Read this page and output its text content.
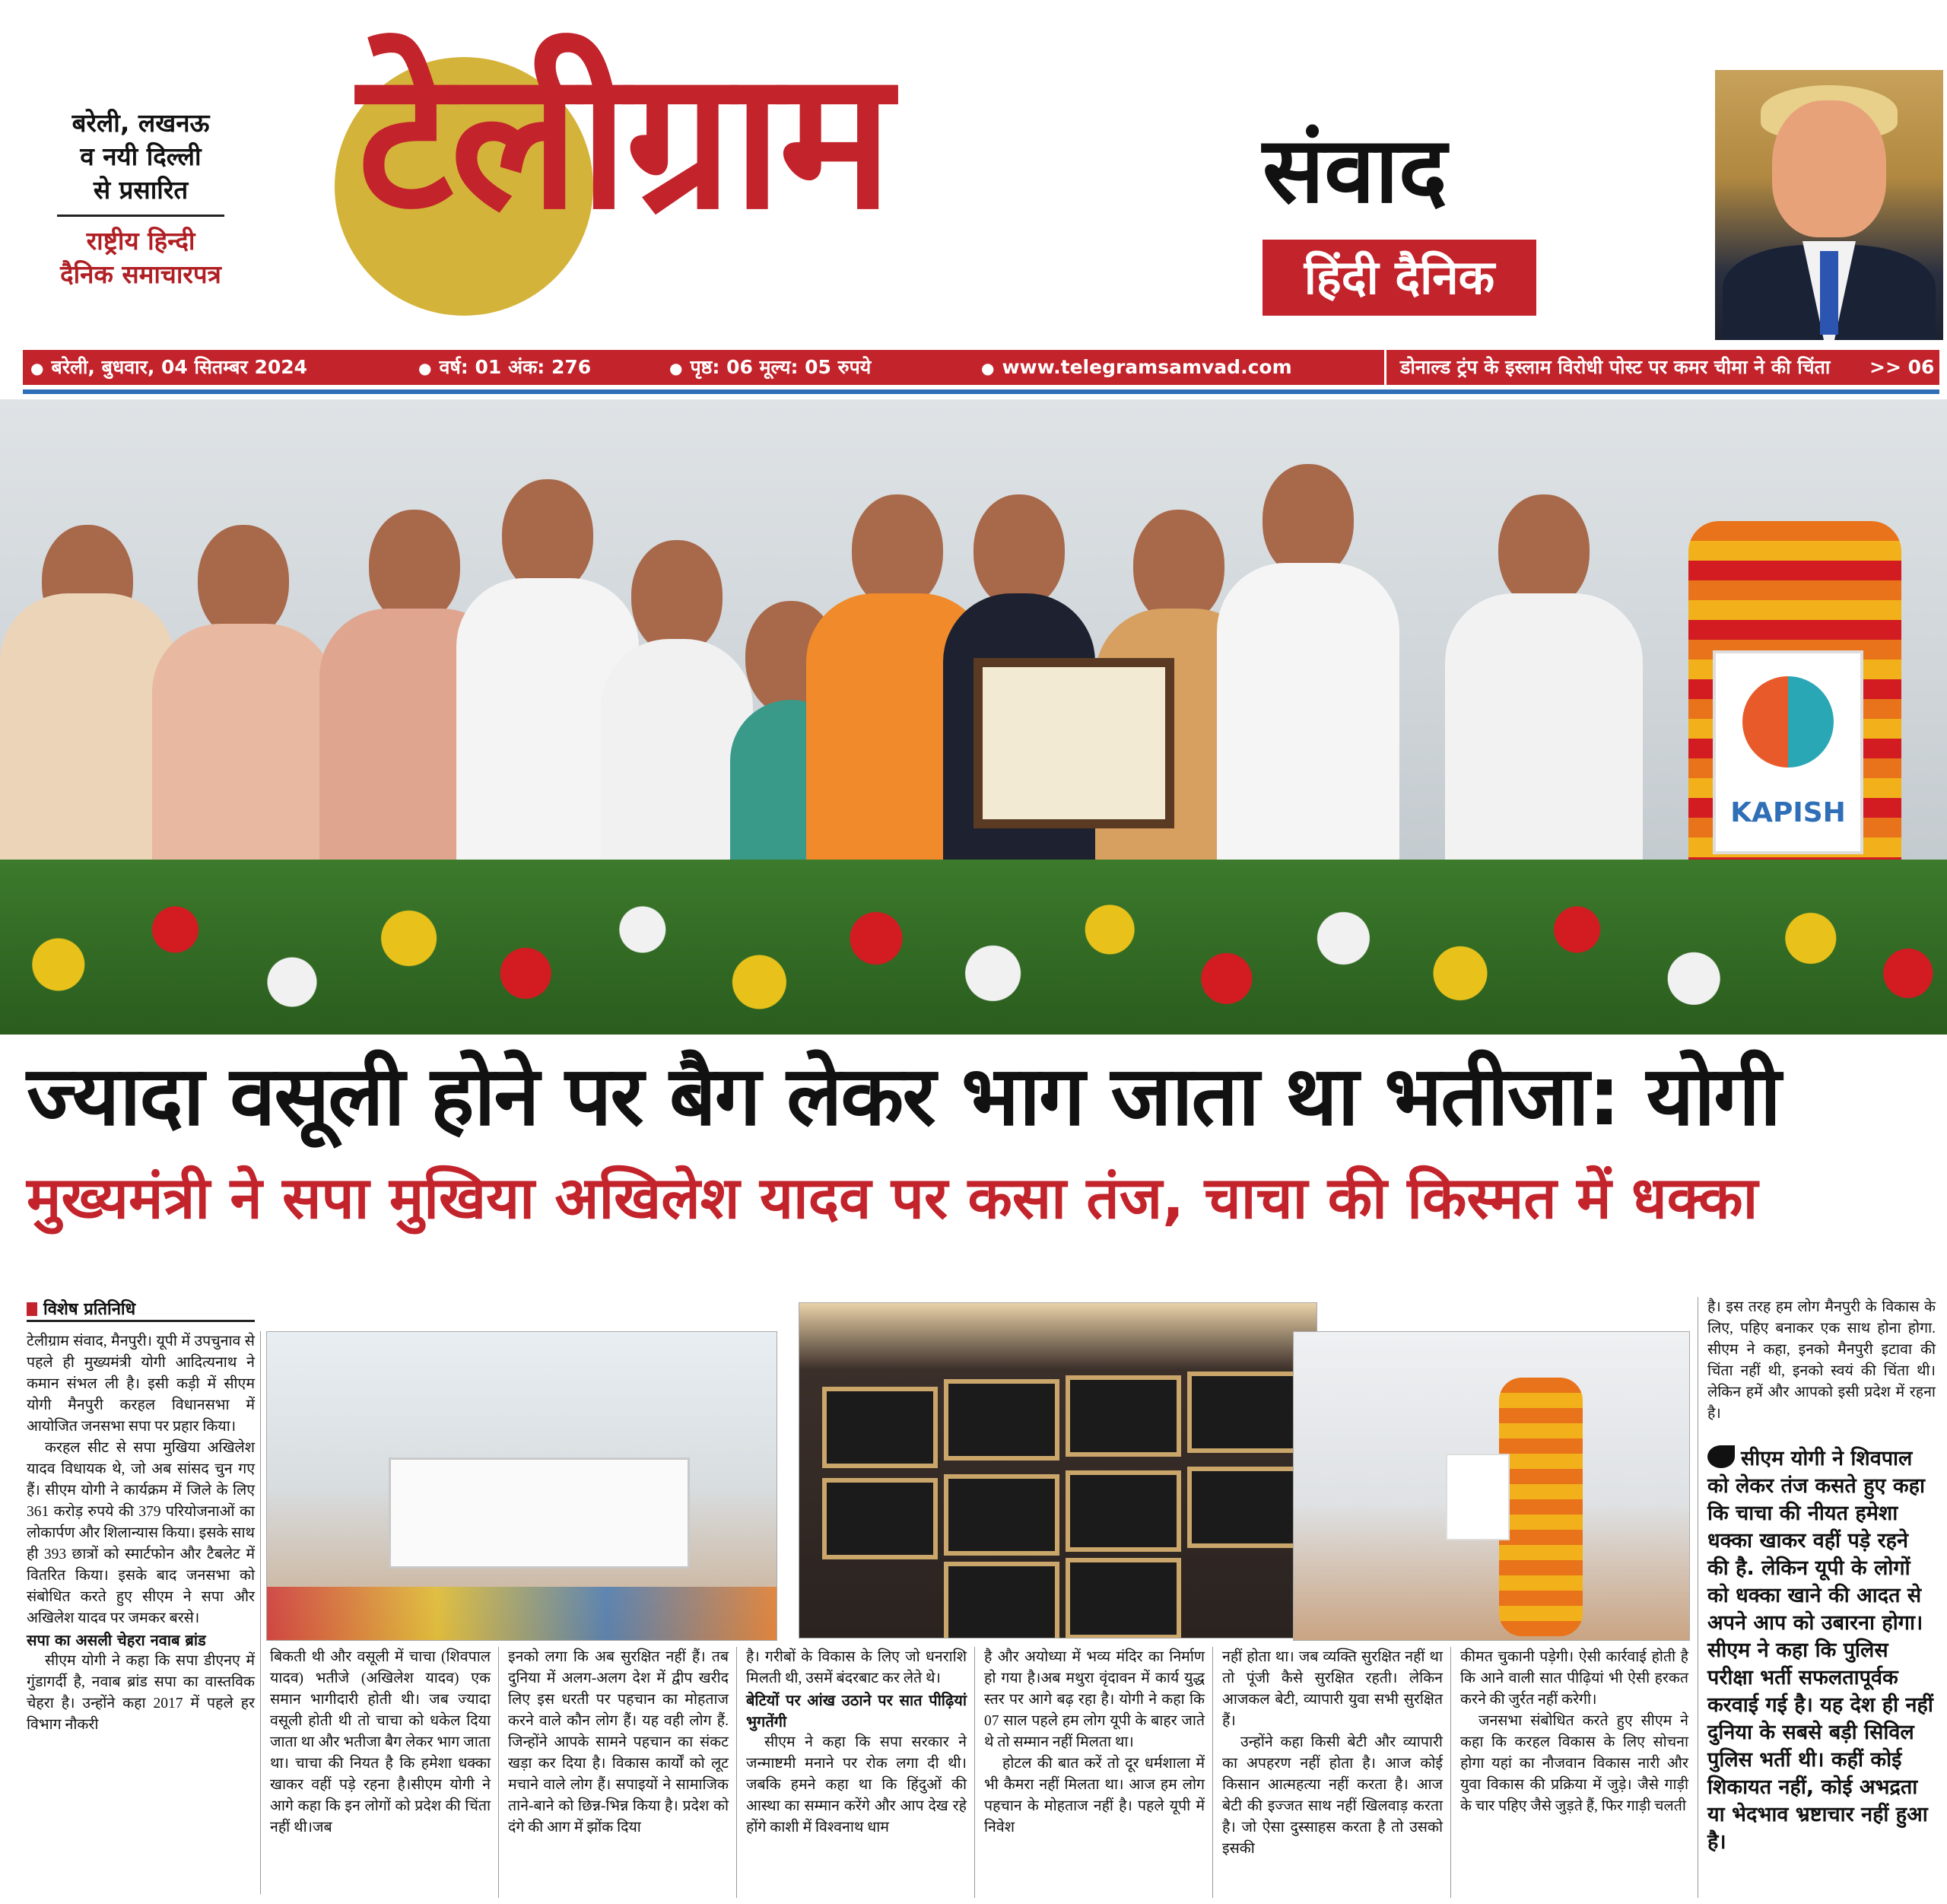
बरेली, लखनऊ
व नयी दिल्ली
से प्रसारित
राष्ट्रीय हिन्दी
दैनिक समाचारपत्र
टेलीग्राम	संवाद
हिंदी दैनिक
● बरेली, बुधवार, 04 सितम्बर 2024	● वर्ष: 01 अंक: 276	● पृष्ठ: 06 मूल्य: 05 रुपये	● www.telegramsamvad.com	डोनाल्ड ट्रंप के इस्लाम विरोधी पोस्ट पर कमर चीमा ने की चिंता >> 06
KAPISH
ज्यादा वसूली होने पर बैग लेकर भाग जाता था भतीजा: योगी
मुख्यमंत्री ने सपा मुखिया अखिलेश यादव पर कसा तंज, चाचा की किस्मत में धक्का
विशेष प्रतिनिधि

टेलीग्राम संवाद, मैनपुरी। यूपी में उपचुनाव से पहले ही मुख्यमंत्री योगी आदित्यनाथ ने कमान संभल ली है। इसी कड़ी में सीएम योगी मैनपुरी करहल विधानसभा में आयोजित जनसभा सपा पर प्रहार किया।

करहल सीट से सपा मुखिया अखिलेश यादव विधायक थे, जो अब सांसद चुन गए हैं। सीएम योगी ने कार्यक्रम में जिले के लिए 361 करोड़ रुपये की 379 परियोजनाओं का लोकार्पण और शिलान्यास किया। इसके साथ ही 393 छात्रों को स्मार्टफोन और टैबलेट में वितरित किया। इसके बाद जनसभा को संबोधित करते हुए सीएम ने सपा और अखिलेश यादव पर जमकर बरसे।

सपा का असली चेहरा नवाब ब्रांड

सीएम योगी ने कहा कि सपा डीएनए में गुंडागर्दी है, नवाब ब्रांड सपा का वास्तविक चेहरा है। उन्होंने कहा 2017 में पहले हर विभाग नौकरी

बिकती थी और वसूली में चाचा (शिवपाल यादव) भतीजे (अखिलेश यादव) एक समान भागीदारी होती थी। जब ज्यादा वसूली होती थी तो चाचा को धकेल दिया जाता था और भतीजा बैग लेकर भाग जाता था। चाचा की नियत है कि हमेशा धक्का खाकर वहीं पड़े रहना है।सीएम योगी ने आगे कहा कि इन लोगों को प्रदेश की चिंता नहीं थी।जब

इनको लगा कि अब सुरक्षित नहीं हैं। तब दुनिया में अलग-अलग देश में द्वीप खरीद लिए इस धरती पर पहचान का मोहताज करने वाले कौन लोग हैं। यह वही लोग हैं. जिन्होंने आपके सामने पहचान का संकट खड़ा कर दिया है। विकास कार्यों को लूट मचाने वाले लोग हैं। सपाइयों ने सामाजिक ताने-बाने को छिन्न-भिन्न किया है। प्रदेश को दंगे की आग में झोंक दिया

है। गरीबों के विकास के लिए जो धनराशि मिलती थी, उसमें बंदरबाट कर लेते थे।

बेटियों पर आंख उठाने पर सात पीढ़ियां भुगतेंगी

सीएम ने कहा कि सपा सरकार ने जन्माष्टमी मनाने पर रोक लगा दी थी। जबकि हमने कहा था कि हिंदुओं की आस्था का सम्मान करेंगे और आप देख रहे होंगे काशी में विश्वनाथ धाम

है और अयोध्या में भव्य मंदिर का निर्माण हो गया है।अब मथुरा वृंदावन में कार्य युद्ध स्तर पर आगे बढ़ रहा है। योगी ने कहा कि 07 साल पहले हम लोग यूपी के बाहर जाते थे तो सम्मान नहीं मिलता था।

होटल की बात करें तो दूर धर्मशाला में भी कैमरा नहीं मिलता था। आज हम लोग पहचान के मोहताज नहीं है। पहले यूपी में निवेश

नहीं होता था। जब व्यक्ति सुरक्षित नहीं था तो पूंजी कैसे सुरक्षित रहती। लेकिन आजकल बेटी, व्यापारी युवा सभी सुरक्षित हैं।

उन्होंने कहा किसी बेटी और व्यापारी का अपहरण नहीं होता है। आज कोई किसान आत्महत्या नहीं करता है। आज बेटी की इज्जत साथ नहीं खिलवाड़ करता है। जो ऐसा दुस्साहस करता है तो उसको इसकी

कीमत चुकानी पड़ेगी। ऐसी कार्रवाई होती है कि आने वाली सात पीढ़ियां भी ऐसी हरकत करने की जुर्रत नहीं करेगी।

जनसभा संबोधित करते हुए सीएम ने कहा कि करहल विकास के लिए सोचना होगा यहां का नौजवान विकास नारी और युवा विकास की प्रक्रिया में जुड़े। जैसे गाड़ी के चार पहिए जैसे जुड़ते हैं, फिर गाड़ी चलती

है। इस तरह हम लोग मैनपुरी के विकास के लिए, पहिए बनाकर एक साथ होना होगा. सीएम ने कहा, इनको मैनपुरी इटावा की चिंता नहीं थी, इनको स्वयं की चिंता थी। लेकिन हमें और आपको इसी प्रदेश में रहना है।

सीएम योगी ने शिवपाल को लेकर तंज कसते हुए कहा कि चाचा की नीयत हमेशा धक्का खाकर वहीं पड़े रहने की है. लेकिन यूपी के लोगों को धक्का खाने की आदत से अपने आप को उबारना होगा। सीएम ने कहा कि पुलिस परीक्षा भर्ती सफलतापूर्वक करवाई गई है। यह देश ही नहीं दुनिया के सबसे बड़ी सिविल पुलिस भर्ती थी। कहीं कोई शिकायत नहीं, कोई अभद्रता या भेदभाव भ्रष्टाचार नहीं हुआ है।
